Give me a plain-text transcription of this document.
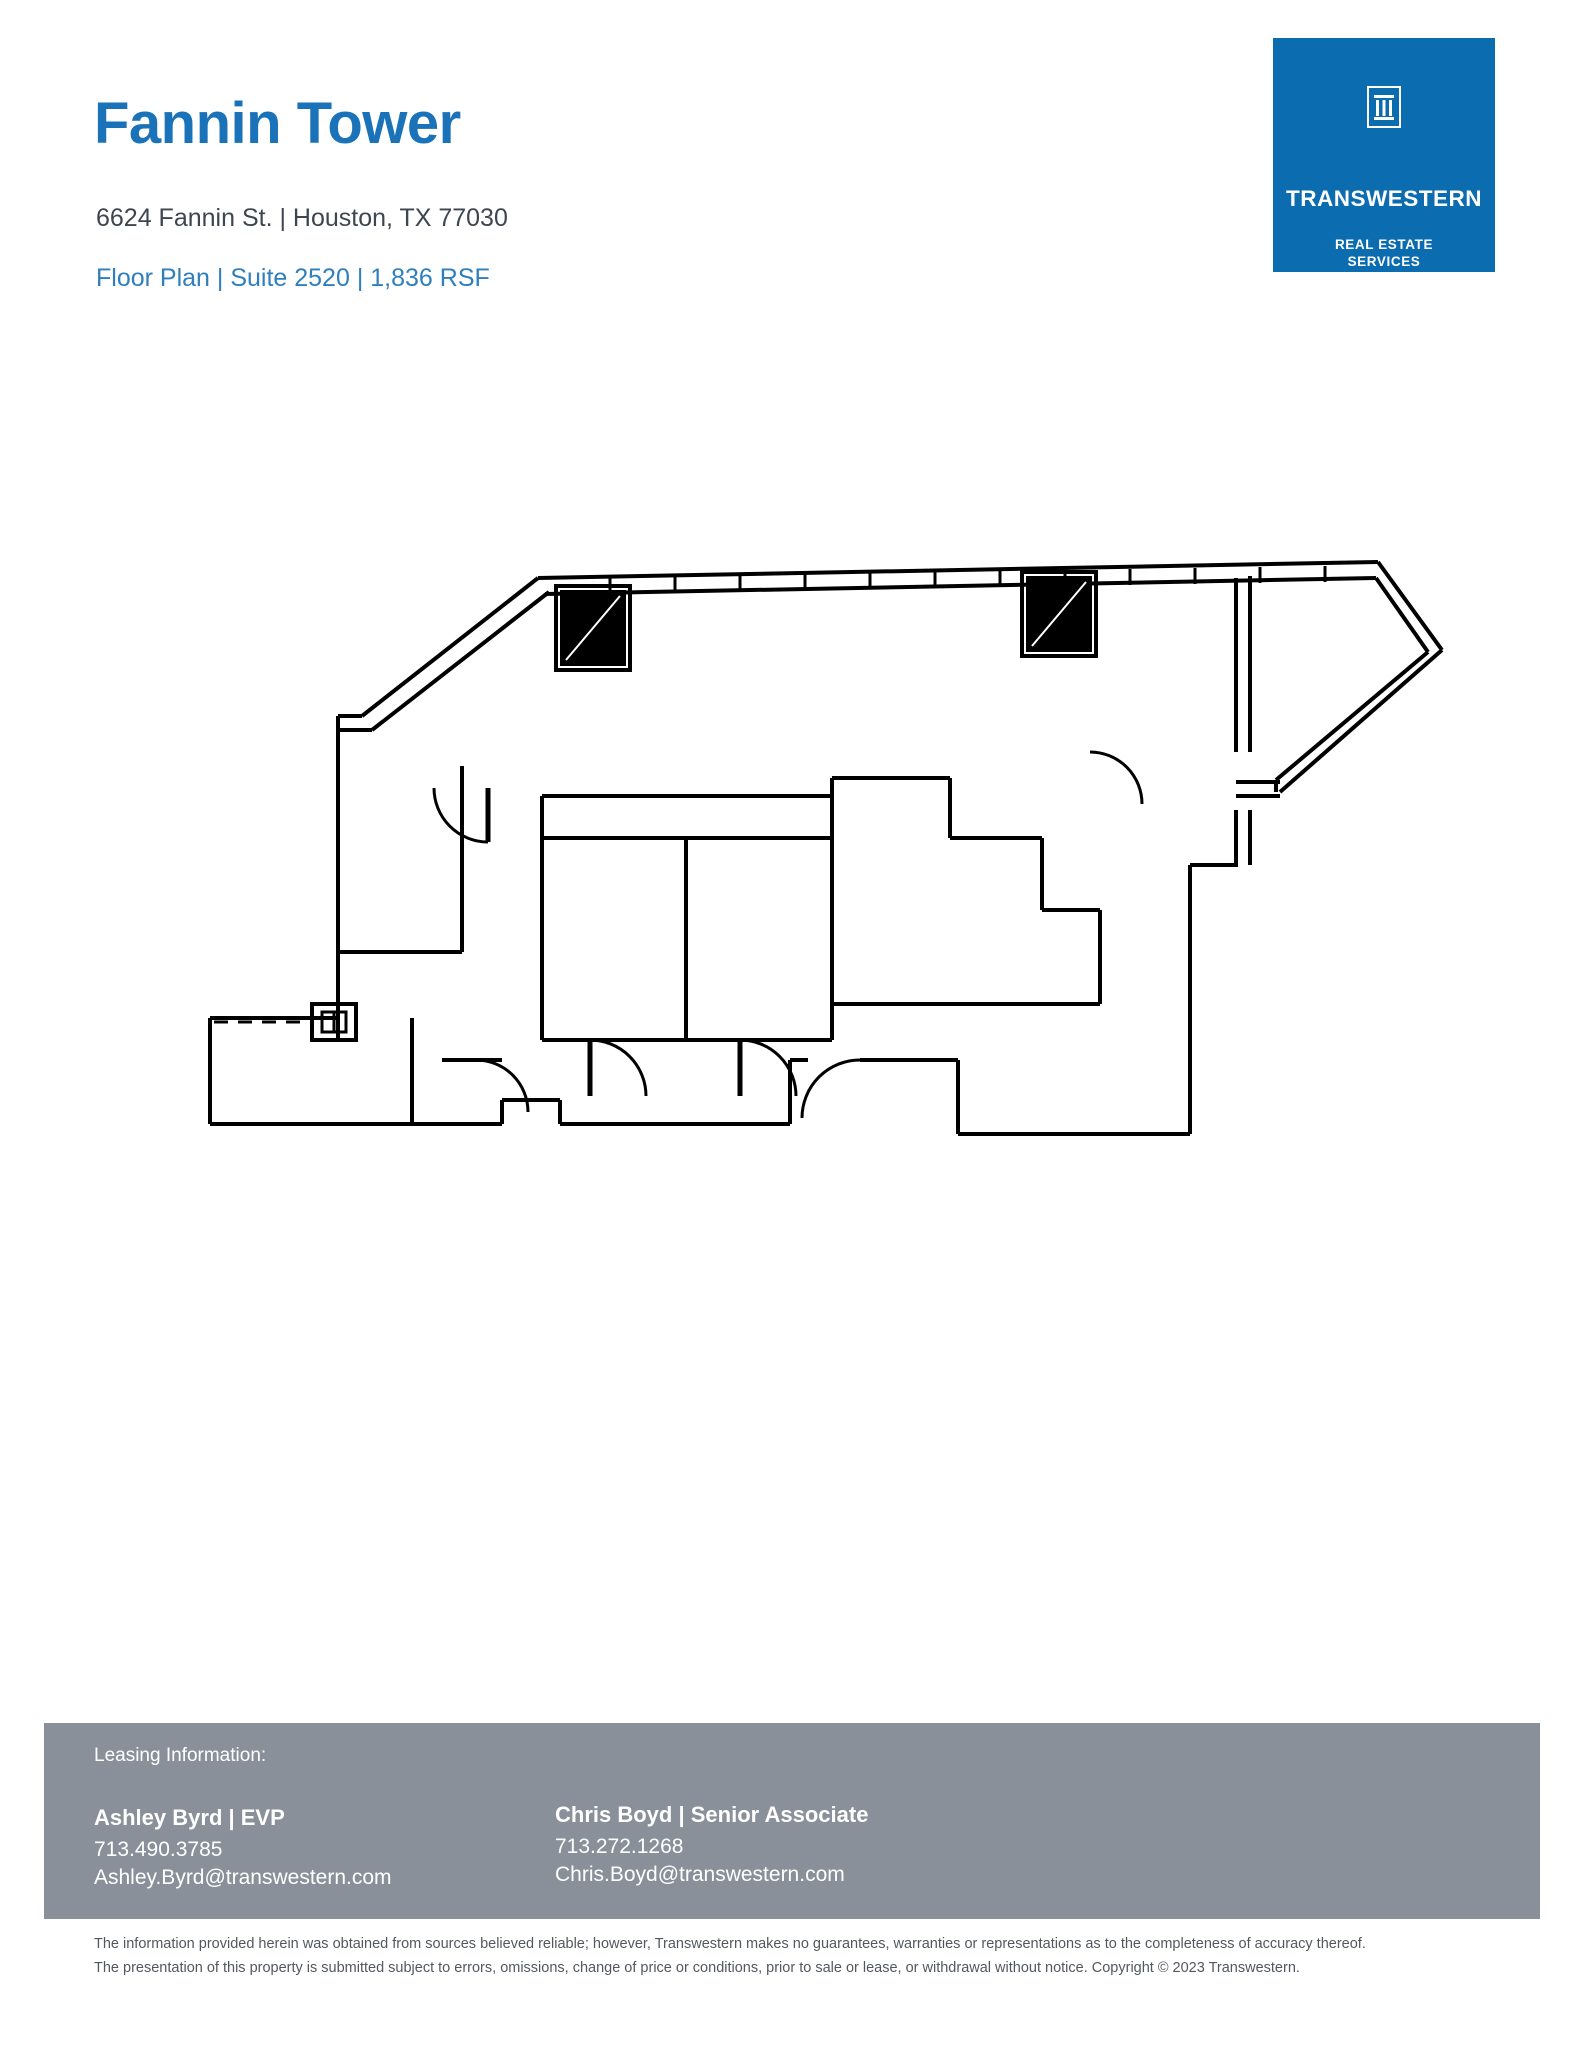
Fannin Tower
6624 Fannin St. | Houston, TX 77030
Floor Plan | Suite 2520 | 1,836 RSF
TRANSWESTERN
REAL ESTATE
SERVICES
Leasing Information:
Ashley Byrd | EVP
713.490.3785
Ashley.Byrd@transwestern.com
Chris Boyd | Senior Associate
713.272.1268
Chris.Boyd@transwestern.com
The information provided herein was obtained from sources believed reliable; however, Transwestern makes no guarantees, warranties or representations as to the completeness of accuracy thereof.
The presentation of this property is submitted subject to errors, omissions, change of price or conditions, prior to sale or lease, or withdrawal without notice. Copyright © 2023 Transwestern.
